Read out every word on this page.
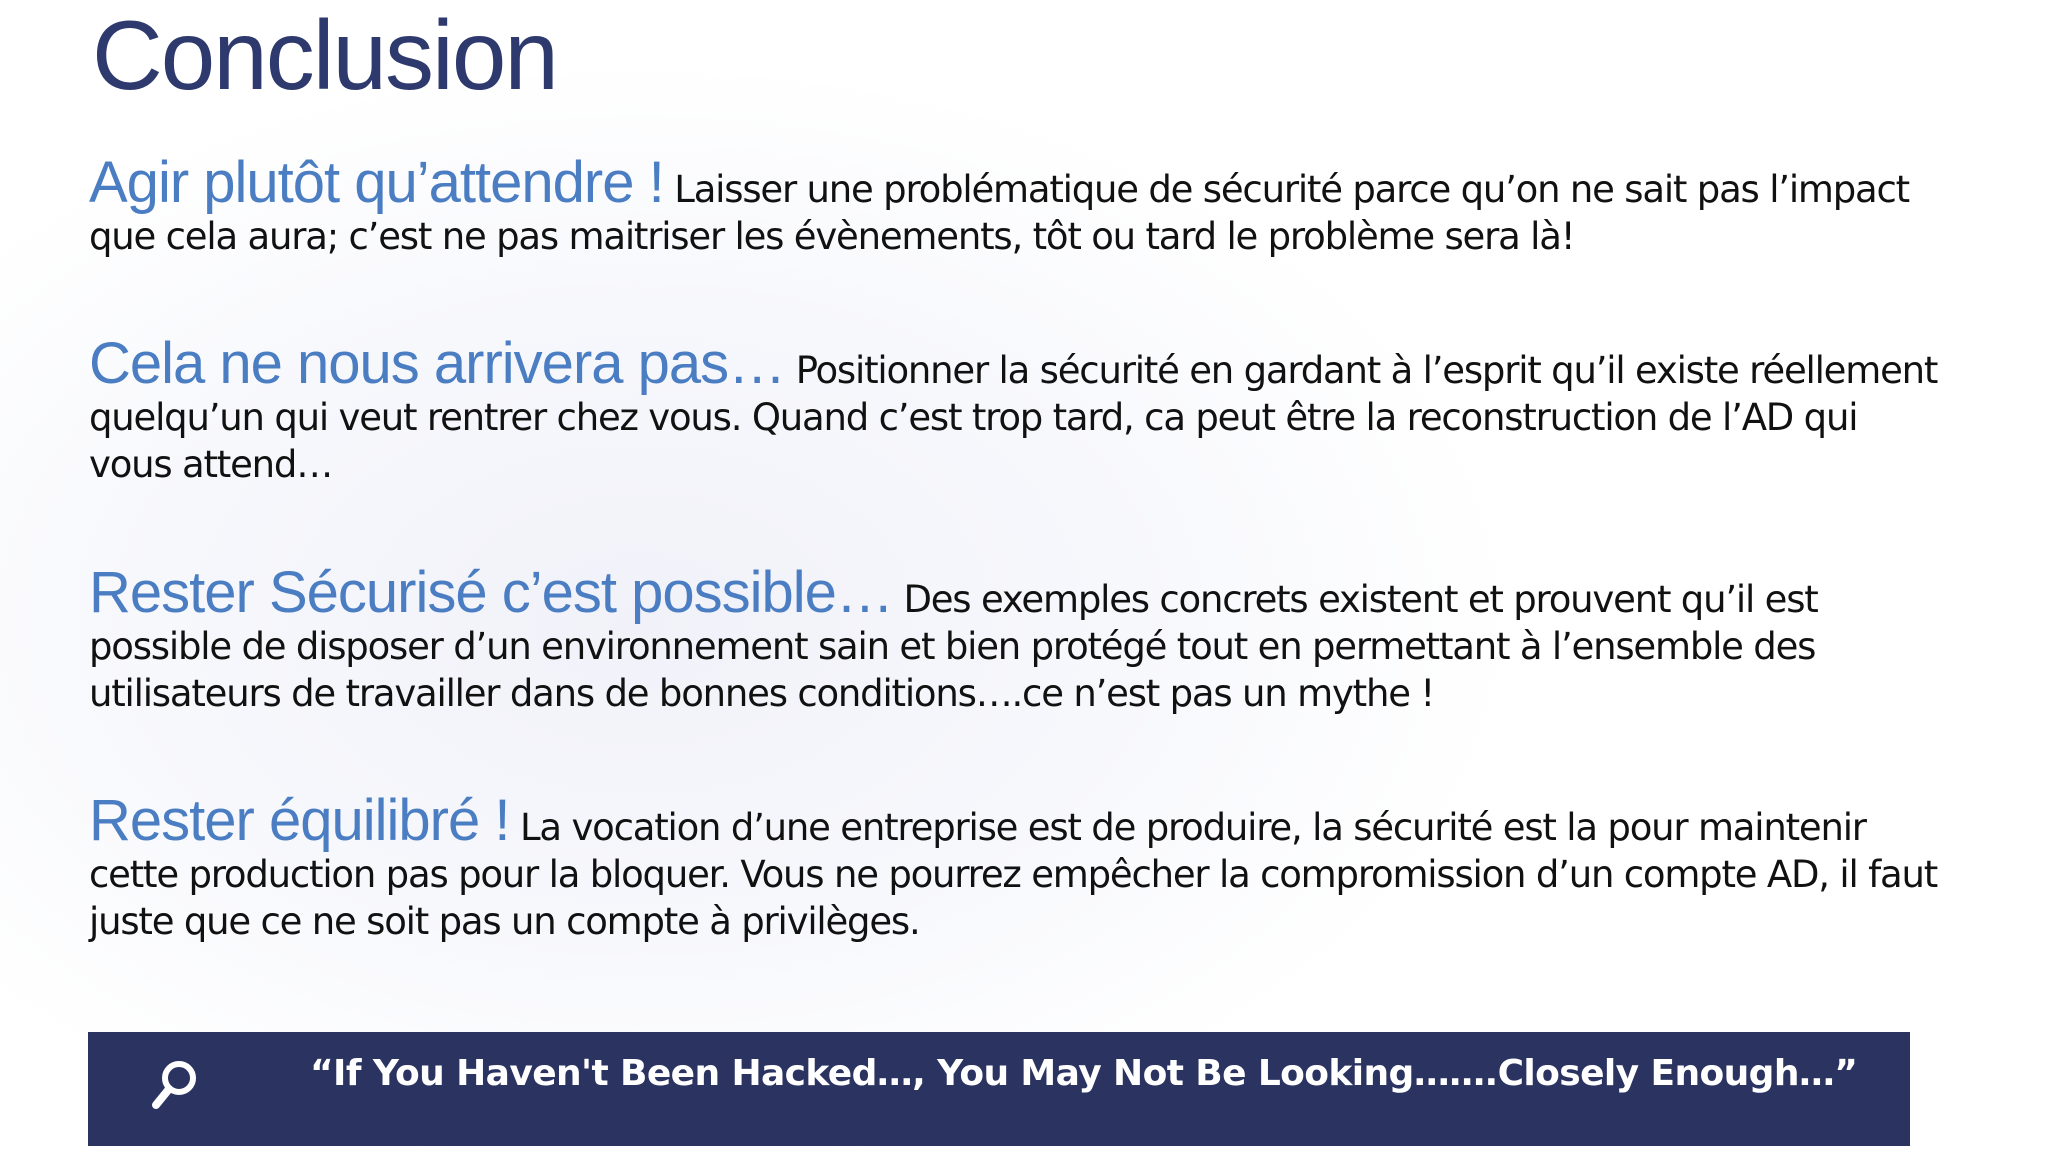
Conclusion

Agir plutôt qu’attendre ! Laisser une problématique de sécurité parce qu’on ne sait pas l’impact que cela aura; c’est ne pas maitriser les évènements, tôt ou tard le problème sera là!

Cela ne nous arrivera pas… Positionner la sécurité en gardant à l’esprit qu’il existe réellement quelqu’un qui veut rentrer chez vous. Quand c’est trop tard, ca peut être la reconstruction de l’AD qui vous attend…

Rester Sécurisé c’est possible… Des exemples concrets existent et prouvent qu’il est possible de disposer d’un environnement sain et bien protégé tout en permettant à l’ensemble des utilisateurs de travailler dans de bonnes conditions….ce n’est pas un mythe !

Rester équilibré ! La vocation d’une entreprise est de produire, la sécurité est la pour maintenir cette production pas pour la bloquer. Vous ne pourrez empêcher la compromission d’un compte AD, il faut juste que ce ne soit pas un compte à privilèges.

“If You Haven't Been Hacked…, You May Not Be Looking…….Closely Enough…”
